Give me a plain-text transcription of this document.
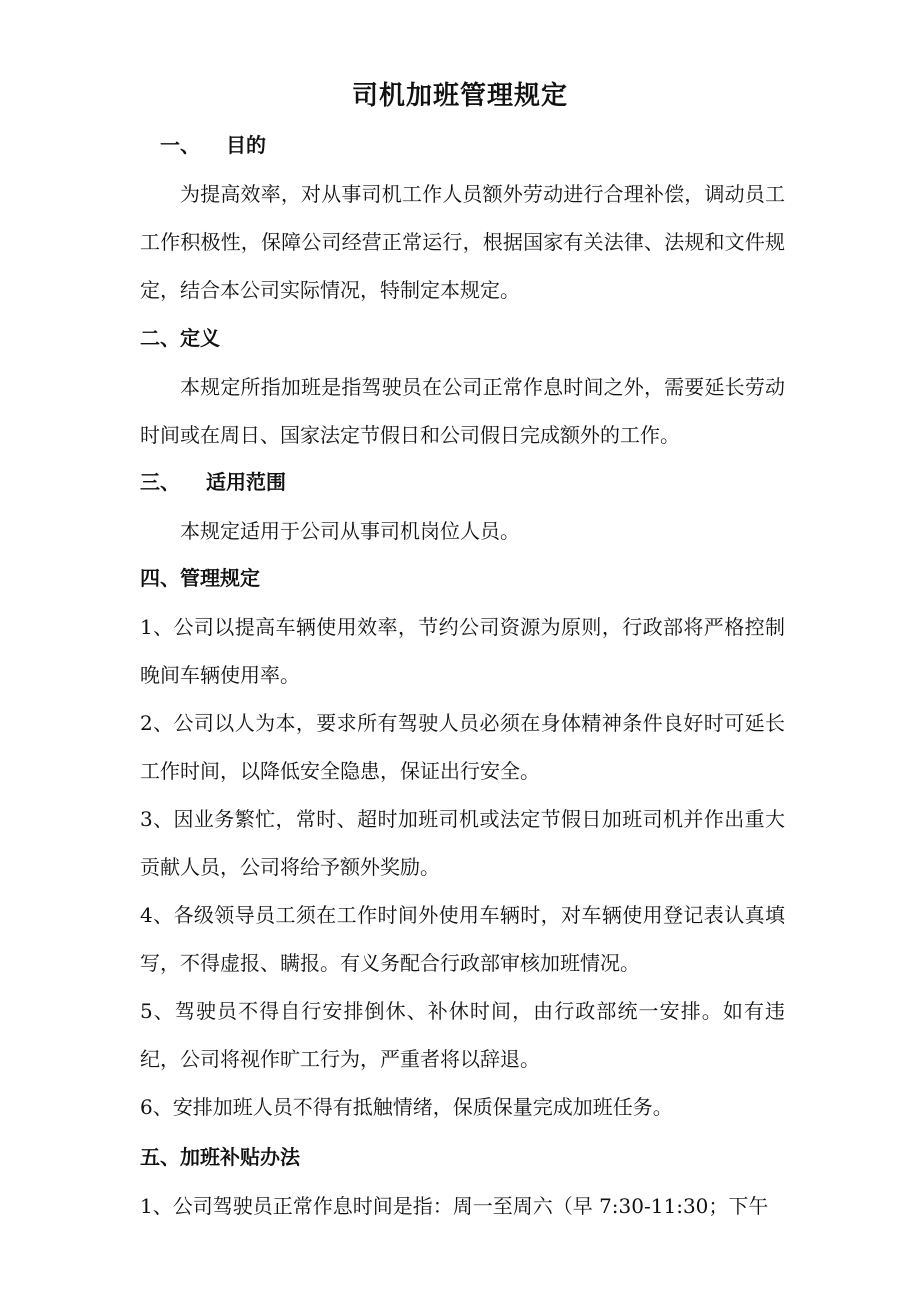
司机加班管理规定
一、 目的
为提高效率，对从事司机工作人员额外劳动进行合理补偿，调动员工工作积极性，保障公司经营正常运行，根据国家有关法律、法规和文件规定，结合本公司实际情况，特制定本规定。
二、定义
本规定所指加班是指驾驶员在公司正常作息时间之外，需要延长劳动时间或在周日、国家法定节假日和公司假日完成额外的工作。
三、 适用范围
本规定适用于公司从事司机岗位人员。
四、管理规定
1、公司以提高车辆使用效率，节约公司资源为原则，行政部将严格控制晚间车辆使用率。
2、公司以人为本，要求所有驾驶人员必须在身体精神条件良好时可延长工作时间，以降低安全隐患，保证出行安全。
3、因业务繁忙，常时、超时加班司机或法定节假日加班司机并作出重大贡献人员，公司将给予额外奖励。
4、各级领导员工须在工作时间外使用车辆时，对车辆使用登记表认真填写，不得虚报、瞒报。有义务配合行政部审核加班情况。
5、驾驶员不得自行安排倒休、补休时间，由行政部统一安排。如有违纪，公司将视作旷工行为，严重者将以辞退。
6、安排加班人员不得有抵触情绪，保质保量完成加班任务。
五、加班补贴办法
1、公司驾驶员正常作息时间是指：周一至周六（早 7:30-11:30；下午
